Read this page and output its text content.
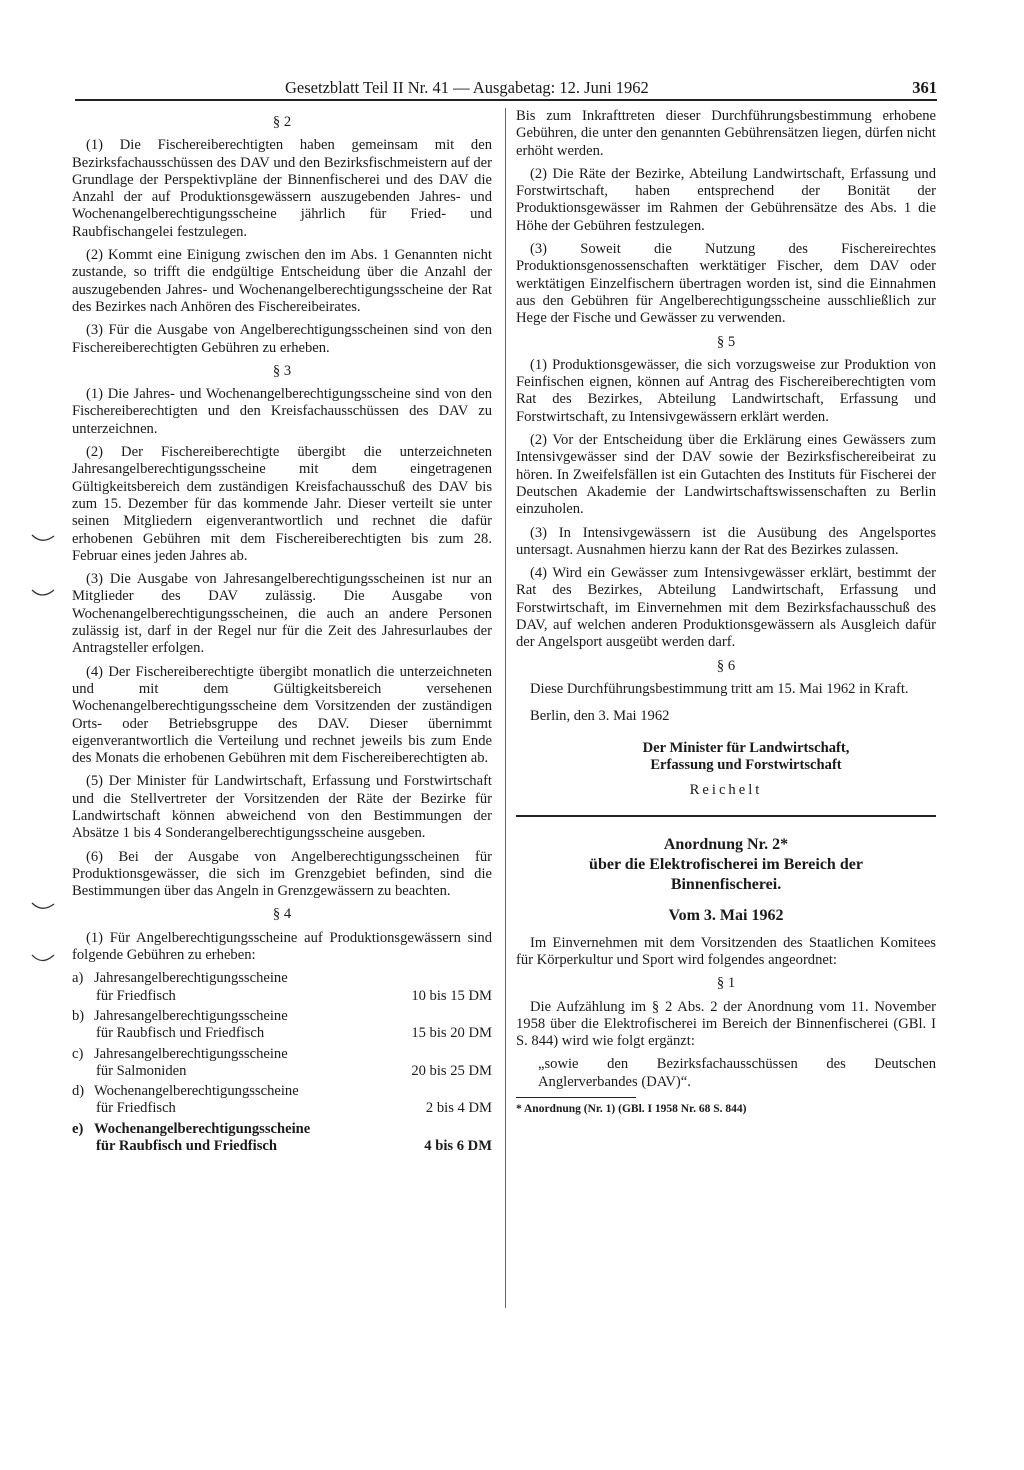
Gesetzblatt Teil II Nr. 41 — Ausgabetag: 12. Juni 1962	361

§ 2

(1) Die Fischereiberechtigten haben gemeinsam mit den Bezirksfachausschüssen des DAV und den Bezirksfischmeistern auf der Grundlage der Perspektivpläne der Binnenfischerei und des DAV die Anzahl der auf Produktionsgewässern auszugebenden Jahres- und Wochenangelberechtigungsscheine jährlich für Fried- und Raubfischangelei festzulegen.

(2) Kommt eine Einigung zwischen den im Abs. 1 Genannten nicht zustande, so trifft die endgültige Entscheidung über die Anzahl der auszugebenden Jahres- und Wochenangelberechtigungsscheine der Rat des Bezirkes nach Anhören des Fischereibeirates.

(3) Für die Ausgabe von Angelberechtigungsscheinen sind von den Fischereiberechtigten Gebühren zu erheben.

§ 3

(1) Die Jahres- und Wochenangelberechtigungsscheine sind von den Fischereiberechtigten und den Kreisfachausschüssen des DAV zu unterzeichnen.

(2) Der Fischereiberechtigte übergibt die unterzeichneten Jahresangelberechtigungsscheine mit dem eingetragenen Gültigkeitsbereich dem zuständigen Kreisfachausschuß des DAV bis zum 15. Dezember für das kommende Jahr. Dieser verteilt sie unter seinen Mitgliedern eigenverantwortlich und rechnet die dafür erhobenen Gebühren mit dem Fischereiberechtigten bis zum 28. Februar eines jeden Jahres ab.

(3) Die Ausgabe von Jahresangelberechtigungsscheinen ist nur an Mitglieder des DAV zulässig. Die Ausgabe von Wochenangelberechtigungsscheinen, die auch an andere Personen zulässig ist, darf in der Regel nur für die Zeit des Jahresurlaubes der Antragsteller erfolgen.

(4) Der Fischereiberechtigte übergibt monatlich die unterzeichneten und mit dem Gültigkeitsbereich versehenen Wochenangelberechtigungsscheine dem Vorsitzenden der zuständigen Orts- oder Betriebsgruppe des DAV. Dieser übernimmt eigenverantwortlich die Verteilung und rechnet jeweils bis zum Ende des Monats die erhobenen Gebühren mit dem Fischereiberechtigten ab.

(5) Der Minister für Landwirtschaft, Erfassung und Forstwirtschaft und die Stellvertreter der Vorsitzenden der Räte der Bezirke für Landwirtschaft können abweichend von den Bestimmungen der Absätze 1 bis 4 Sonderangelberechtigungsscheine ausgeben.

(6) Bei der Ausgabe von Angelberechtigungsscheinen für Produktionsgewässer, die sich im Grenzgebiet befinden, sind die Bestimmungen über das Angeln in Grenzgewässern zu beachten.

§ 4

(1) Für Angelberechtigungsscheine auf Produktionsgewässern sind folgende Gebühren zu erheben:

a) Jahresangelberechtigungsscheine
für Friedfisch	10 bis 15 DM
b) Jahresangelberechtigungsscheine
für Raubfisch und Friedfisch	15 bis 20 DM
c) Jahresangelberechtigungsscheine
für Salmoniden	20 bis 25 DM
d) Wochenangelberechtigungsscheine
für Friedfisch	2 bis 4 DM
e) Wochenangelberechtigungsscheine
für Raubfisch und Friedfisch	4 bis 6 DM

Bis zum Inkrafttreten dieser Durchführungsbestimmung erhobene Gebühren, die unter den genannten Gebührensätzen liegen, dürfen nicht erhöht werden.

(2) Die Räte der Bezirke, Abteilung Landwirtschaft, Erfassung und Forstwirtschaft, haben entsprechend der Bonität der Produktionsgewässer im Rahmen der Gebührensätze des Abs. 1 die Höhe der Gebühren festzulegen.

(3) Soweit die Nutzung des Fischereirechtes Produktionsgenossenschaften werktätiger Fischer, dem DAV oder werktätigen Einzelfischern übertragen worden ist, sind die Einnahmen aus den Gebühren für Angelberechtigungsscheine ausschließlich zur Hege der Fische und Gewässer zu verwenden.

§ 5

(1) Produktionsgewässer, die sich vorzugsweise zur Produktion von Feinfischen eignen, können auf Antrag des Fischereiberechtigten vom Rat des Bezirkes, Abteilung Landwirtschaft, Erfassung und Forstwirtschaft, zu Intensivgewässern erklärt werden.

(2) Vor der Entscheidung über die Erklärung eines Gewässers zum Intensivgewässer sind der DAV sowie der Bezirksfischereibeirat zu hören. In Zweifelsfällen ist ein Gutachten des Instituts für Fischerei der Deutschen Akademie der Landwirtschaftswissenschaften zu Berlin einzuholen.

(3) In Intensivgewässern ist die Ausübung des Angelsportes untersagt. Ausnahmen hierzu kann der Rat des Bezirkes zulassen.

(4) Wird ein Gewässer zum Intensivgewässer erklärt, bestimmt der Rat des Bezirkes, Abteilung Landwirtschaft, Erfassung und Forstwirtschaft, im Einvernehmen mit dem Bezirksfachausschuß des DAV, auf welchen anderen Produktionsgewässern als Ausgleich dafür der Angelsport ausgeübt werden darf.

§ 6

Diese Durchführungsbestimmung tritt am 15. Mai 1962 in Kraft.

Berlin, den 3. Mai 1962

Der Minister für Landwirtschaft,

Erfassung und Forstwirtschaft

Reichelt

Anordnung Nr. 2*

über die Elektrofischerei im Bereich der

Binnenfischerei.

Vom 3. Mai 1962

Im Einvernehmen mit dem Vorsitzenden des Staatlichen Komitees für Körperkultur und Sport wird folgendes angeordnet:

§ 1

Die Aufzählung im § 2 Abs. 2 der Anordnung vom 11. November 1958 über die Elektrofischerei im Bereich der Binnenfischerei (GBl. I S. 844) wird wie folgt ergänzt:

„sowie den Bezirksfachausschüssen des Deutschen Anglerverbandes (DAV)“.

* Anordnung (Nr. 1) (GBl. I 1958 Nr. 68 S. 844)
